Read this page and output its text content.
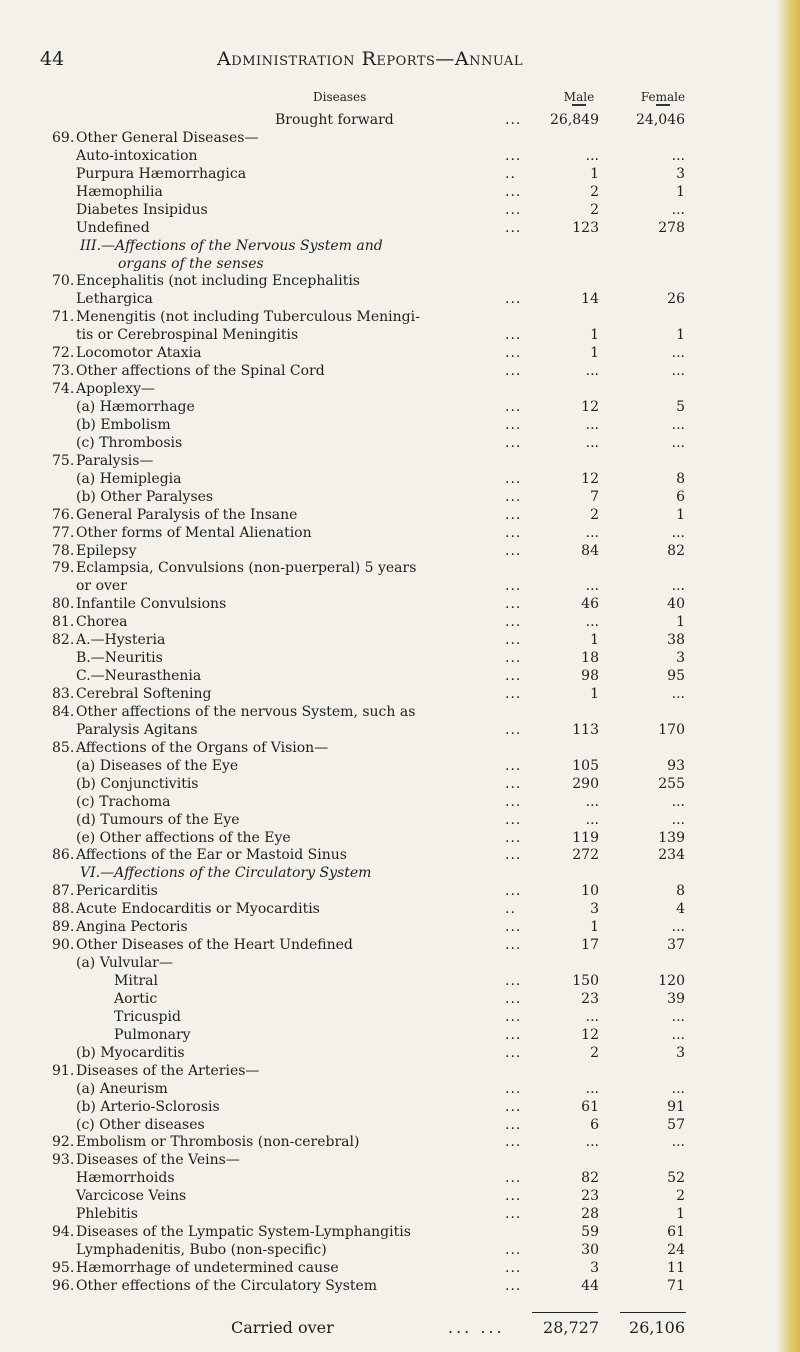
44	Administration Reports—Annual
Diseases	Male	Female
Brought forward	...	26,849	24,046
69. Other General Diseases—
Auto-intoxication	...	...	...
Purpura Hæmorrhagica	..	1	3
Hæmophilia	...	2	1
Diabetes Insipidus	...	2	...
Undefined	...	123	278
III.—Affections of the Nervous System and
organs of the senses
70. Encephalitis (not including Encephalitis
Lethargica	...	14	26
71. Menengitis (not including Tuberculous Meningi-
tis or Cerebrospinal Meningitis	...	1	1
72. Locomotor Ataxia	...	1	...
73. Other affections of the Spinal Cord	...	...	...
74. Apoplexy—
(a) Hæmorrhage	...	12	5
(b) Embolism	...	...	...
(c) Thrombosis	...	...	...
75. Paralysis—
(a) Hemiplegia	...	12	8
(b) Other Paralyses	...	7	6
76. General Paralysis of the Insane	...	2	1
77. Other forms of Mental Alienation	...	...	...
78. Epilepsy	...	84	82
79. Eclampsia, Convulsions (non-puerperal) 5 years
or over	...	...	...
80. Infantile Convulsions	...	46	40
81. Chorea	...	...	1
82. A.—Hysteria	...	1	38
B.—Neuritis	...	18	3
C.—Neurasthenia	...	98	95
83. Cerebral Softening	...	1	...
84. Other affections of the nervous System, such as
Paralysis Agitans	...	113	170
85. Affections of the Organs of Vision—
(a) Diseases of the Eye	...	105	93
(b) Conjunctivitis	...	290	255
(c) Trachoma	...	...	...
(d) Tumours of the Eye	...	...	...
(e) Other affections of the Eye	...	119	139
86. Affections of the Ear or Mastoid Sinus	...	272	234
VI.—Affections of the Circulatory System
87. Pericarditis	...	10	8
88. Acute Endocarditis or Myocarditis	..	3	4
89. Angina Pectoris	...	1	...
90. Other Diseases of the Heart Undefined	...	17	37
(a) Vulvular—
Mitral	...	150	120
Aortic	...	23	39
Tricuspid	...	...	...
Pulmonary	...	12	...
(b) Myocarditis	...	2	3
91. Diseases of the Arteries—
(a) Aneurism	...	...	...
(b) Arterio-Sclorosis	...	61	91
(c) Other diseases	...	6	57
92. Embolism or Thrombosis (non-cerebral)	...	...	...
93. Diseases of the Veins—
Hæmorrhoids	...	82	52
Varcicose Veins	...	23	2
Phlebitis	...	28	1
94. Diseases of the Lympatic System-Lymphangitis	59	61
Lymphadenitis, Bubo (non-specific)	...	30	24
95. Hæmorrhage of undetermined cause	...	3	11
96. Other effections of the Circulatory System	...	44	71
Carried over	... ...	28,727	26,106
